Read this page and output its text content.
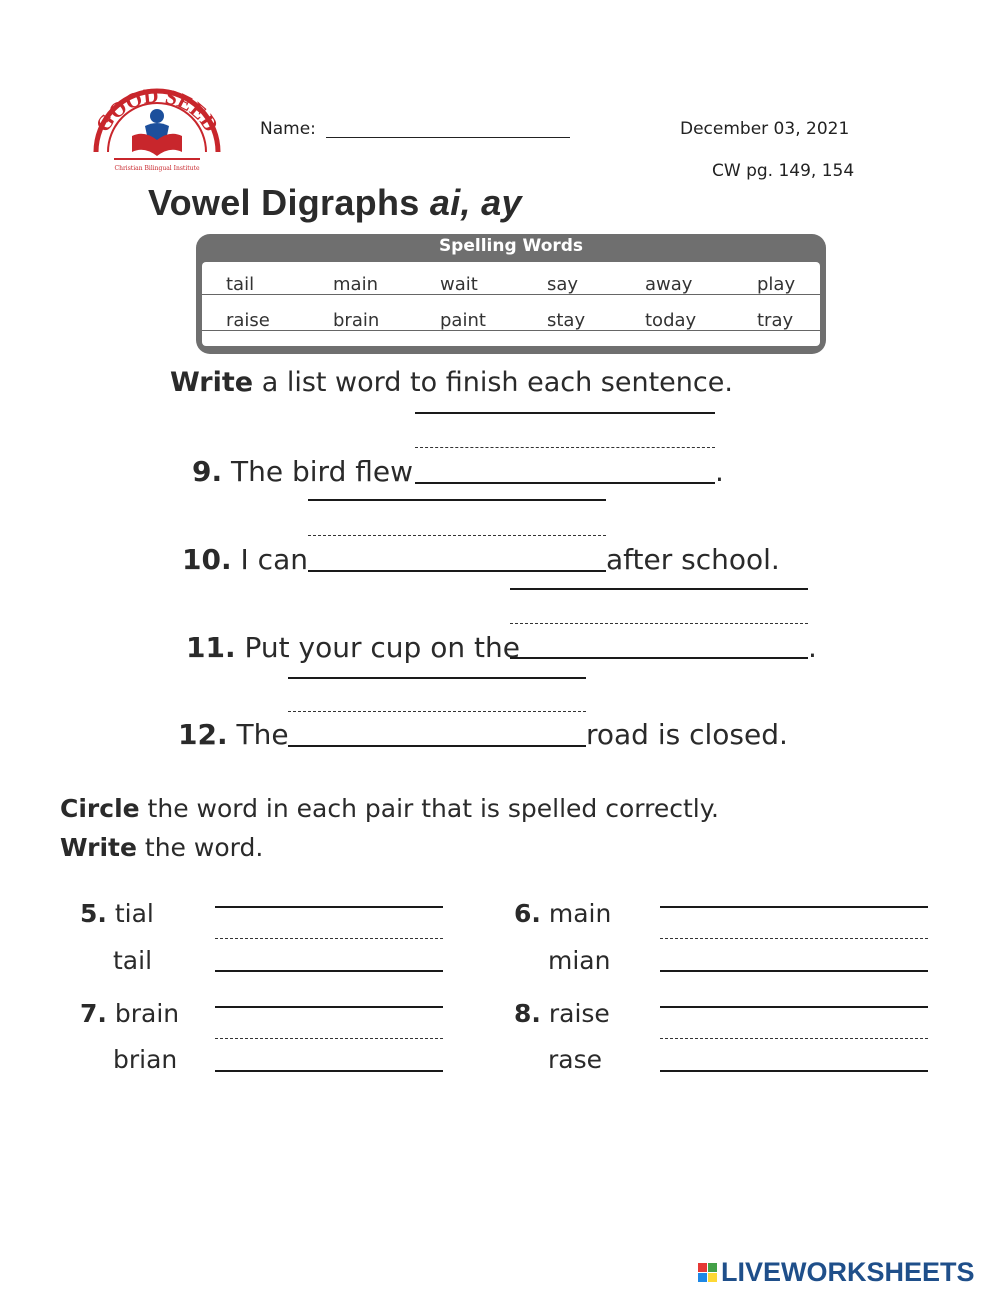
GOOD SEED
Christian Bilingual Institute
Name:	December 03, 2021
CW pg. 149, 154
Vowel Digraphs ai, ay
Spelling Words
tail	main	wait	say	away	play
raise	brain	paint	stay	today	tray
Write a list word to finish each sentence.
9. The bird flew	.
10. I can	after school.
11. Put your cup on the	.
12. The	road is closed.
Circle the word in each pair that is spelled correctly.
Write the word.
5. tial
tail
6. main
mian
7. brain
brian
8. raise
rase
LIVEWORKSHEETS
